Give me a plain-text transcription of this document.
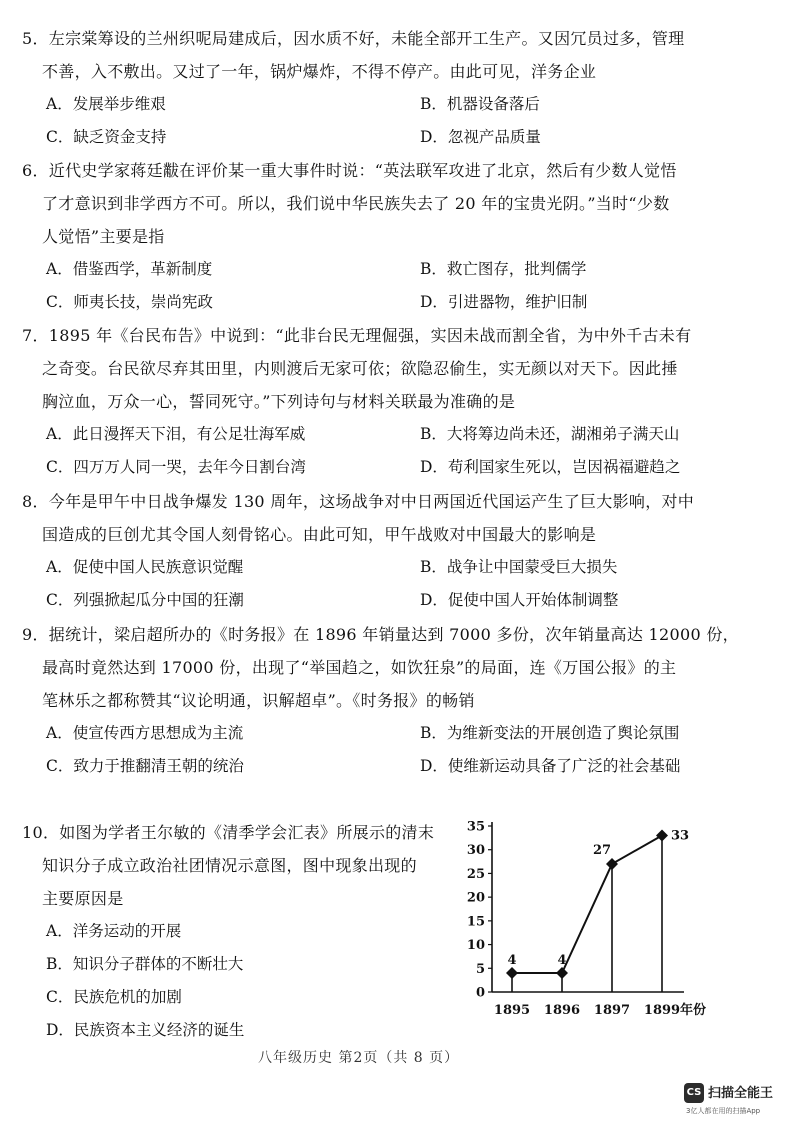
5．左宗棠筹设的兰州织呢局建成后，因水质不好，未能全部开工生产。又因冗员过多，管理
不善，入不敷出。又过了一年，锅炉爆炸，不得不停产。由此可见，洋务企业
A．发展举步维艰	B．机器设备落后
C．缺乏资金支持	D．忽视产品质量
6．近代史学家蒋廷黻在评价某一重大事件时说：“英法联军攻进了北京，然后有少数人觉悟
了才意识到非学西方不可。所以，我们说中华民族失去了 20 年的宝贵光阴。”当时“少数
人觉悟”主要是指
A．借鉴西学，革新制度	B．救亡图存，批判儒学
C．师夷长技，崇尚宪政	D．引进器物，维护旧制
7．1895 年《台民布告》中说到：“此非台民无理倔强，实因未战而割全省，为中外千古未有
之奇变。台民欲尽弃其田里，内则渡后无家可依；欲隐忍偷生，实无颜以对天下。因此捶
胸泣血，万众一心，誓同死守。”下列诗句与材料关联最为准确的是
A．此日漫挥天下泪，有公足壮海军威	B．大将筹边尚未还，湖湘弟子满天山
C．四万万人同一哭，去年今日割台湾	D．苟利国家生死以，岂因祸福避趋之
8．今年是甲午中日战争爆发 130 周年，这场战争对中日两国近代国运产生了巨大影响，对中
国造成的巨创尤其令国人刻骨铭心。由此可知，甲午战败对中国最大的影响是
A．促使中国人民族意识觉醒	B．战争让中国蒙受巨大损失
C．列强掀起瓜分中国的狂潮	D．促使中国人开始体制调整
9．据统计，梁启超所办的《时务报》在 1896 年销量达到 7000 多份，次年销量高达 12000 份，
最高时竟然达到 17000 份，出现了“举国趋之，如饮狂泉”的局面，连《万国公报》的主
笔林乐之都称赞其“议论明通，识解超卓”。《时务报》的畅销
A．使宣传西方思想成为主流	B．为维新变法的开展创造了舆论氛围
C．致力于推翻清王朝的统治	D．使维新运动具备了广泛的社会基础
10．如图为学者王尔敏的《清季学会汇表》所展示的清末
知识分子成立政治社团情况示意图，图中现象出现的
主要原因是
A．洋务运动的开展
B．知识分子群体的不断壮大
C．民族危机的加剧
D．民族资本主义经济的诞生
0
5
10
15
20
25
30
35
1895 1896 1897 1899 年份
4	4
27
33
八年级历史 第2页（共 8 页）
CS 扫描全能王
3亿人都在用的扫描App
